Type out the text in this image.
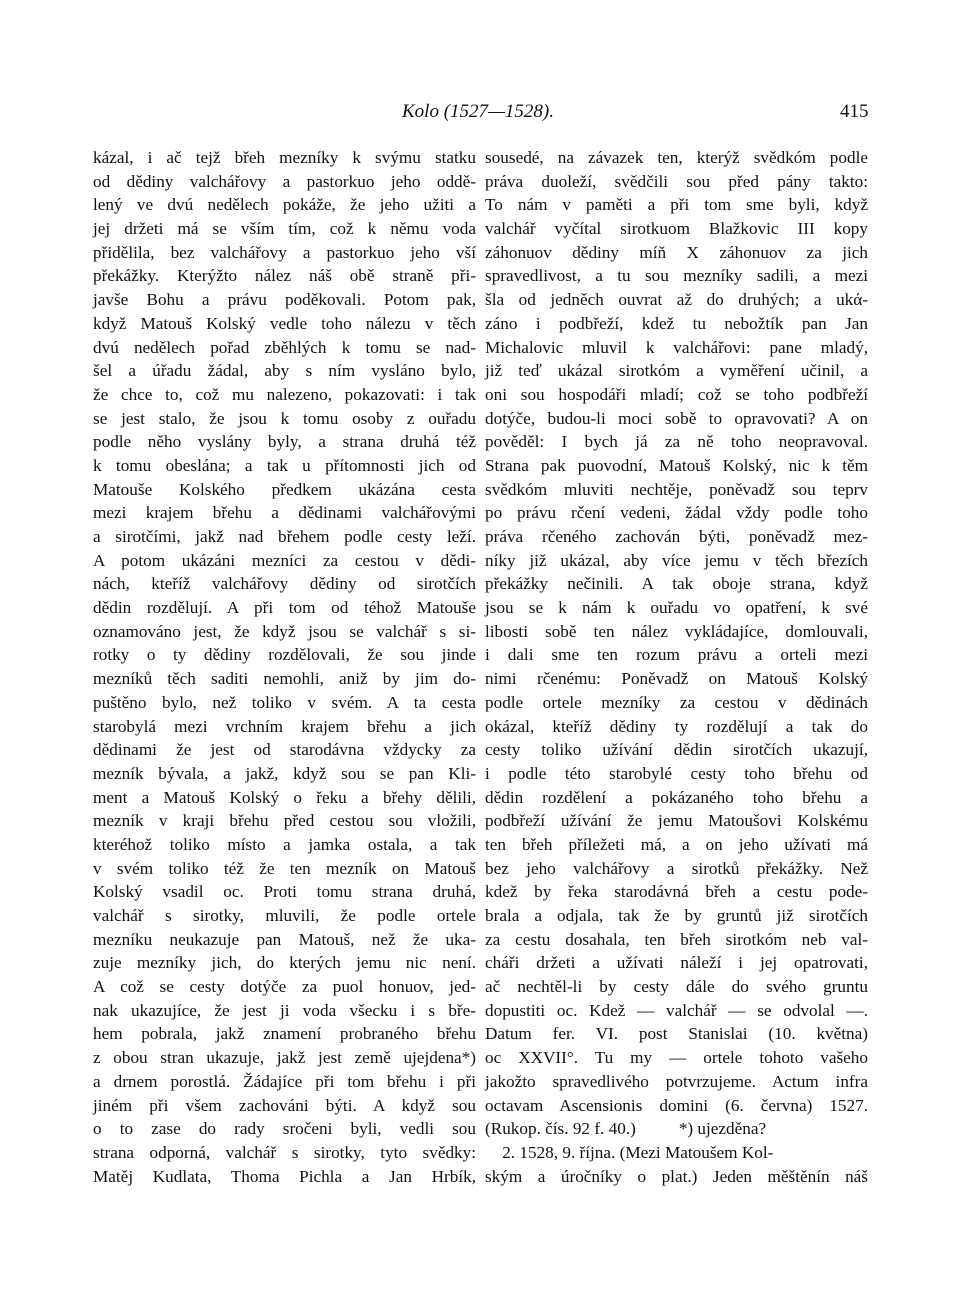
Kolo (1527—1528).	415
kázal, i ač tejž břeh mezníky k svýmu statku
od dědiny valchářovy a pastorkuo jeho oddě-
lený ve dvú nedělech pokáže, že jeho užiti a
jej držeti má se vším tím, což k němu voda
přidělila, bez valchářovy a pastorkuo jeho vší
překážky. Kterýžto nález náš obě straně při-
javše Bohu a právu poděkovali. Potom pak,
když Matouš Kolský vedle toho nálezu v těch
dvú nedělech pořad zběhlých k tomu se nad-
šel a úřadu žádal, aby s ním vysláno bylo,
že chce to, což mu nalezeno, pokazovati: i tak
se jest stalo, že jsou k tomu osoby z ouřadu
podle něho vyslány byly, a strana druhá též
k tomu obeslána; a tak u přítomnosti jich od
Matouše Kolského předkem ukázána cesta
mezi krajem břehu a dědinami valchářovými
a sirotčími, jakž nad břehem podle cesty leží.
A potom ukázáni mezníci za cestou v dědi-
nách, kteříž valchářovy dědiny od sirotčích
dědin rozdělují. A při tom od téhož Matouše
oznamováno jest, že když jsou se valchář s si-
rotky o ty dědiny rozdělovali, že sou jinde
mezníků těch saditi nemohli, aniž by jim do-
puštěno bylo, než toliko v svém. A ta cesta
starobylá mezi vrchním krajem břehu a jich
dědinami že jest od starodávna vždycky za
mezník bývala, a jakž, když sou se pan Kli-
ment a Matouš Kolský o řeku a břehy dělili,
mezník v kraji břehu před cestou sou vložili,
kteréhož toliko místo a jamka ostala, a tak
v svém toliko též že ten mezník on Matouš
Kolský vsadil oc. Proti tomu strana druhá,
valchář s sirotky, mluvili, že podle ortele
mezníku neukazuje pan Matouš, než že uka-
zuje mezníky jich, do kterých jemu nic není.
A což se cesty dotýče za puol honuov, jed-
nak ukazujíce, že jest ji voda všecku i s bře-
hem pobrala, jakž znamení probraného břehu
z obou stran ukazuje, jakž jest země ujejdena*)
a drnem porostlá. Žádajíce při tom břehu i při
jiném při všem zachováni býti. A když sou
o to zase do rady sročeni byli, vedli sou
strana odporná, valchář s sirotky, tyto svědky:
Matěj Kudlata, Thoma Pichla a Jan Hrbík,
sousedé, na závazek ten, kterýž svědkóm podle
práva duoleží, svědčili sou před pány takto:
To nám v paměti a při tom sme byli, když
valchář vyčítal sirotkuom Blažkovic III kopy
záhonuov dědiny míň X záhonuov za jich
spravedlivost, a tu sou mezníky sadili, a mezi
šla od jedněch ouvrat až do druhých; a ukά-
záno i podbřeží, kdež tu nebožtík pan Jan
Michalovic mluvil k valchářovi: pane mladý,
již teď ukázal sirotkóm a vyměření učinil, a
oni sou hospodáři mladí; což se toho podbřeží
dotýče, budou-li moci sobě to opravovati? A on
pověděl: I bych já za ně toho neopravoval.
Strana pak puovodní, Matouš Kolský, nic k těm
svědkóm mluviti nechtěje, poněvadž sou teprv
po právu rčení vedeni, žádal vždy podle toho
práva rčeného zachován býti, poněvadž mez-
níky již ukázal, aby více jemu v těch březích
překážky nečinili. A tak oboje strana, když
jsou se k nám k ouřadu vo opatření, k své
libosti sobě ten nález vykládajíce, domlouvali,
i dali sme ten rozum právu a orteli mezi
nimi rčenému: Poněvadž on Matouš Kolský
podle ortele mezníky za cestou v dědinách
okázal, kteříž dědiny ty rozdělují a tak do
cesty toliko užívání dědin sirotčích ukazují,
i podle této starobylé cesty toho břehu od
dědin rozdělení a pokázaného toho břehu a
podbřeží užívání že jemu Matoušovi Kolskému
ten břeh příležeti má, a on jeho užívati má
bez jeho valchářovy a sirotků překážky. Než
kdež by řeka starodávná břeh a cestu pode-
brala a odjala, tak že by gruntů již sirotčích
za cestu dosahala, ten břeh sirotkóm neb val-
cháři držeti a užívati náleží i jej opatrovati,
ač nechtěl-li by cesty dále do svého gruntu
dopustiti oc. Kdež — valchář — se odvolal —.
Datum fer. VI. post Stanislai (10. května)
oc XXVII°. Tu my — ortele tohoto vašeho
jakožto spravedlivého potvrzujeme. Actum infra
octavam Ascensionis domini (6. června) 1527.
(Rukop. čís. 92 f. 40.)          *) ujezděna?
2. 1528, 9. října. (Mezi Matoušem Kol-
ským a úročníky o plat.) Jeden měštěnín náš
